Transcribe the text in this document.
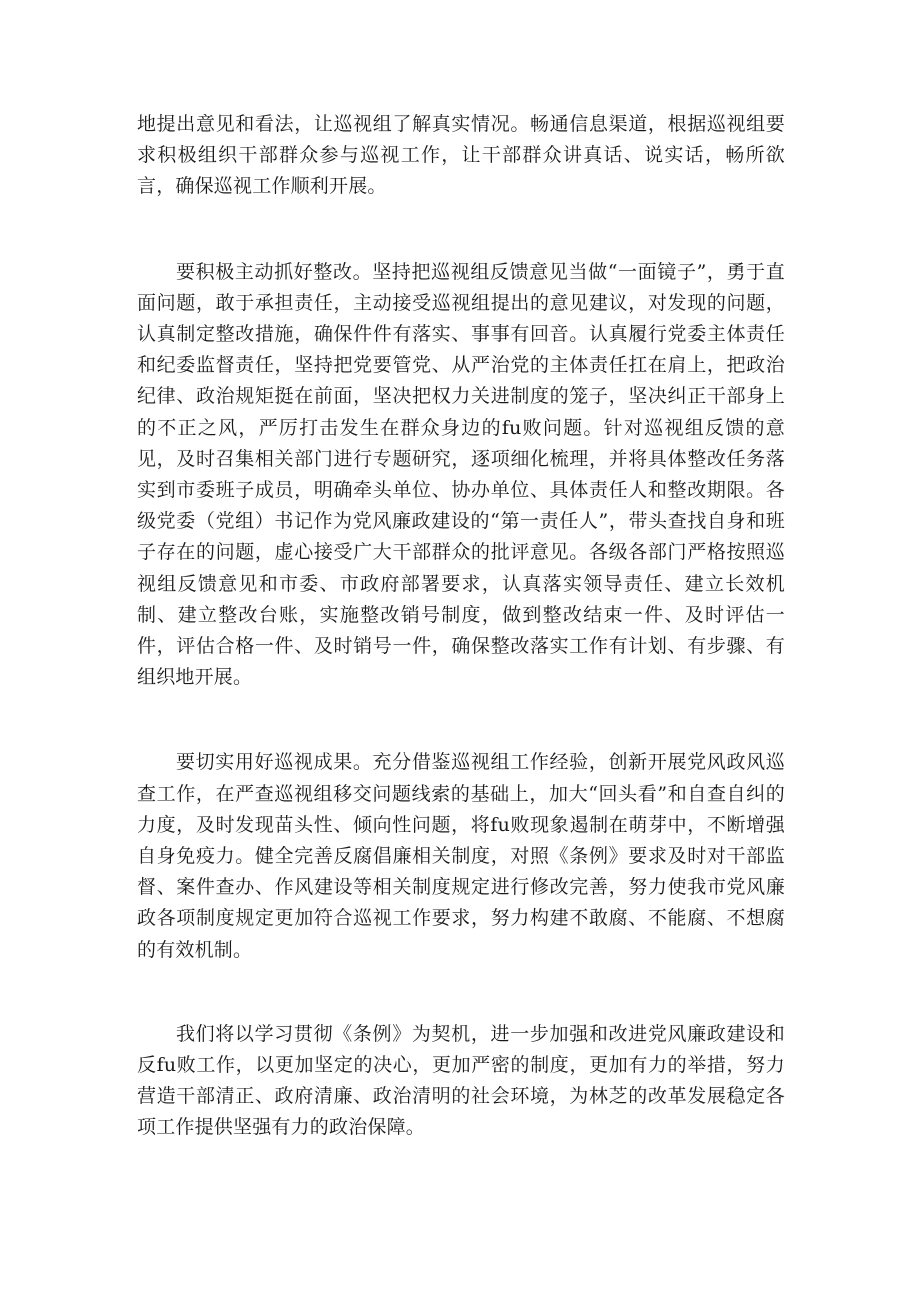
地提出意见和看法，让巡视组了解真实情况。畅通信息渠道，根据巡视组要求积极组织干部群众参与巡视工作，让干部群众讲真话、说实话，畅所欲言，确保巡视工作顺利开展。

要积极主动抓好整改。坚持把巡视组反馈意见当做“一面镜子”，勇于直面问题，敢于承担责任，主动接受巡视组提出的意见建议，对发现的问题，认真制定整改措施，确保件件有落实、事事有回音。认真履行党委主体责任和纪委监督责任，坚持把党要管党、从严治党的主体责任扛在肩上，把政治纪律、政治规矩挺在前面，坚决把权力关进制度的笼子，坚决纠正干部身上的不正之风，严厉打击发生在群众身边的fu败问题。针对巡视组反馈的意见，及时召集相关部门进行专题研究，逐项细化梳理，并将具体整改任务落实到市委班子成员，明确牵头单位、协办单位、具体责任人和整改期限。各级党委（党组）书记作为党风廉政建设的“第一责任人”，带头查找自身和班子存在的问题，虚心接受广大干部群众的批评意见。各级各部门严格按照巡视组反馈意见和市委、市政府部署要求，认真落实领导责任、建立长效机制、建立整改台账，实施整改销号制度，做到整改结束一件、及时评估一件，评估合格一件、及时销号一件，确保整改落实工作有计划、有步骤、有组织地开展。

要切实用好巡视成果。充分借鉴巡视组工作经验，创新开展党风政风巡查工作，在严查巡视组移交问题线索的基础上，加大“回头看”和自查自纠的力度，及时发现苗头性、倾向性问题，将fu败现象遏制在萌芽中，不断增强自身免疫力。健全完善反腐倡廉相关制度，对照《条例》要求及时对干部监督、案件查办、作风建设等相关制度规定进行修改完善，努力使我市党风廉政各项制度规定更加符合巡视工作要求，努力构建不敢腐、不能腐、不想腐的有效机制。

我们将以学习贯彻《条例》为契机，进一步加强和改进党风廉政建设和反fu败工作，以更加坚定的决心，更加严密的制度，更加有力的举措，努力营造干部清正、政府清廉、政治清明的社会环境，为林芝的改革发展稳定各项工作提供坚强有力的政治保障。
